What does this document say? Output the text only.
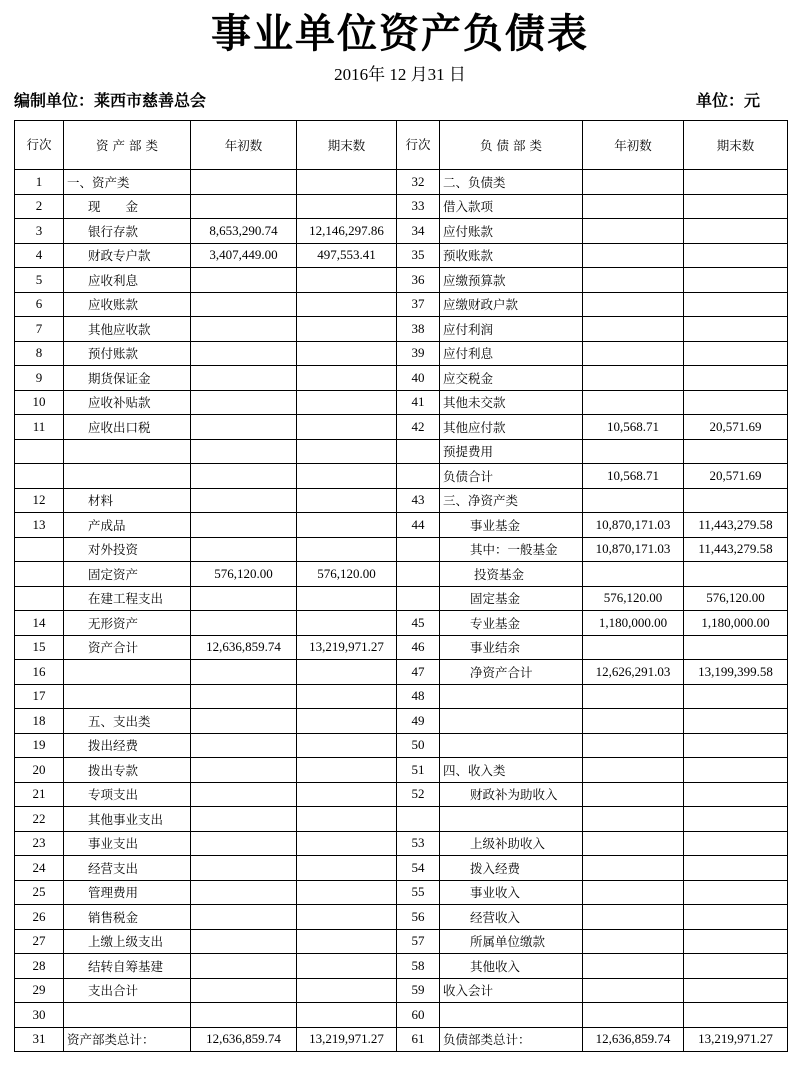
事业单位资产负债表
2016年 12 月31 日
编制单位：莱西市慈善总会	单位：元
行次	资 产 部 类	年初数	期末数	行次	负 债 部 类	年初数	期末数
1	一、资产类			32	二、负债类		
2	现　　金			33	借入款项		
3	银行存款	8,653,290.74	12,146,297.86	34	应付账款		
4	财政专户款	3,407,449.00	497,553.41	35	预收账款		
5	应收利息			36	应缴预算款		
6	应收账款			37	应缴财政户款		
7	其他应收款			38	应付利润		
8	预付账款			39	应付利息		
9	期货保证金			40	应交税金		
10	应收补贴款			41	其他未交款		
11	应收出口税			42	其他应付款	10,568.71	20,571.69
					预提费用		
					负债合计	10,568.71	20,571.69
12	材料			43	三、净资产类		
13	产成品			44	事业基金	10,870,171.03	11,443,279.58
	对外投资				其中：一般基金	10,870,171.03	11,443,279.58
	固定资产	576,120.00	576,120.00		投资基金		
	在建工程支出				固定基金	576,120.00	576,120.00
14	无形资产			45	专业基金	1,180,000.00	1,180,000.00
15	资产合计	12,636,859.74	13,219,971.27	46	事业结余		
16				47	净资产合计	12,626,291.03	13,199,399.58
17				48			
18	五、支出类			49			
19	拨出经费			50			
20	拨出专款			51	四、收入类		
21	专项支出			52	财政补为助收入		
22	其他事业支出						
23	事业支出			53	上级补助收入		
24	经营支出			54	拨入经费		
25	管理费用			55	事业收入		
26	销售税金			56	经营收入		
27	上缴上级支出			57	所属单位缴款		
28	结转自筹基建			58	其他收入		
29	支出合计			59	收入会计		
30				60			
31	资产部类总计：	12,636,859.74	13,219,971.27	61	负债部类总计：	12,636,859.74	13,219,971.27
